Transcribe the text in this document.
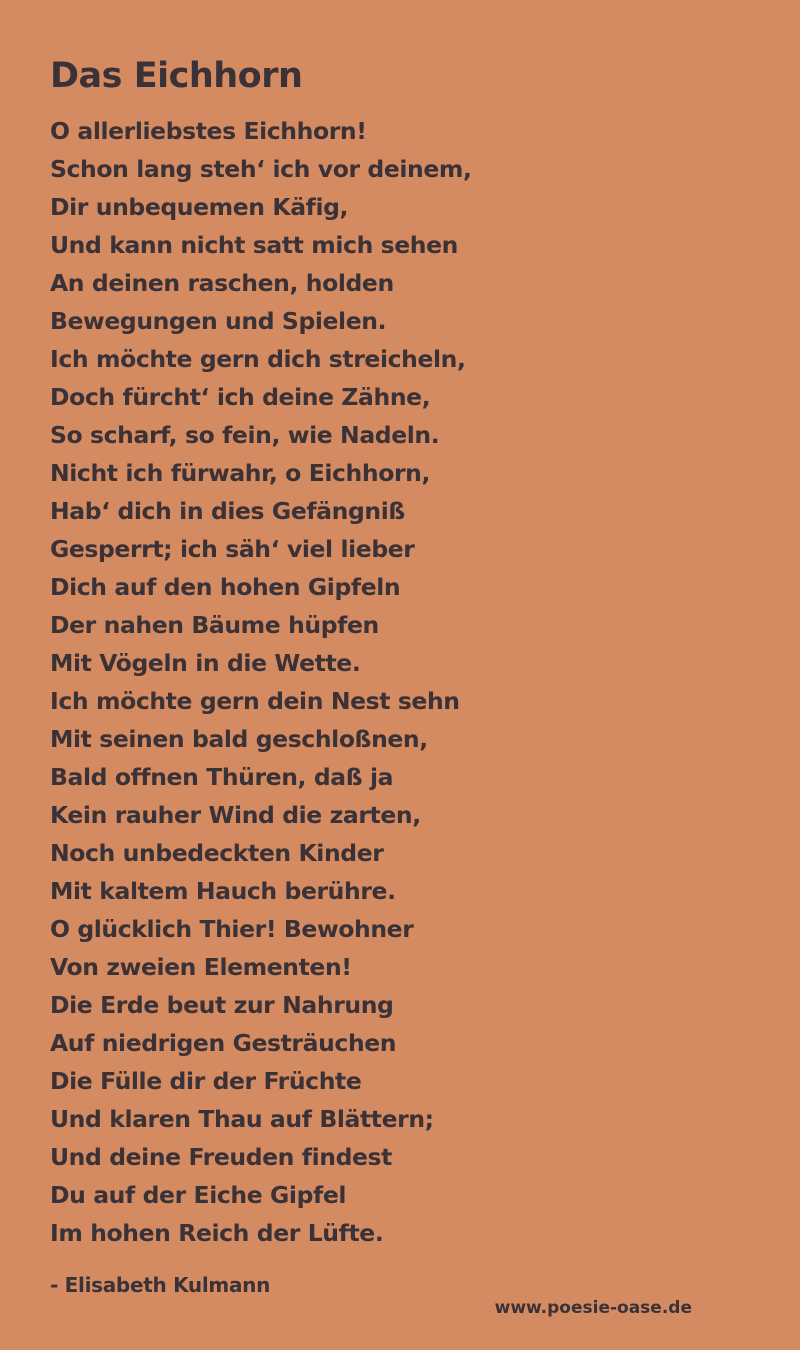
Das Eichhorn
O allerliebstes Eichhorn!
Schon lang steh‘ ich vor deinem,
Dir unbequemen Käfig,
Und kann nicht satt mich sehen
An deinen raschen, holden
Bewegungen und Spielen.
Ich möchte gern dich streicheln,
Doch fürcht‘ ich deine Zähne,
So scharf, so fein, wie Nadeln.
Nicht ich fürwahr, o Eichhorn,
Hab‘ dich in dies Gefängniß
Gesperrt; ich säh‘ viel lieber
Dich auf den hohen Gipfeln
Der nahen Bäume hüpfen
Mit Vögeln in die Wette.
Ich möchte gern dein Nest sehn
Mit seinen bald geschloßnen,
Bald offnen Thüren, daß ja
Kein rauher Wind die zarten,
Noch unbedeckten Kinder
Mit kaltem Hauch berühre.
O glücklich Thier! Bewohner
Von zweien Elementen!
Die Erde beut zur Nahrung
Auf niedrigen Gesträuchen
Die Fülle dir der Früchte
Und klaren Thau auf Blättern;
Und deine Freuden findest
Du auf der Eiche Gipfel
Im hohen Reich der Lüfte.
- Elisabeth Kulmann
www.poesie-oase.de
